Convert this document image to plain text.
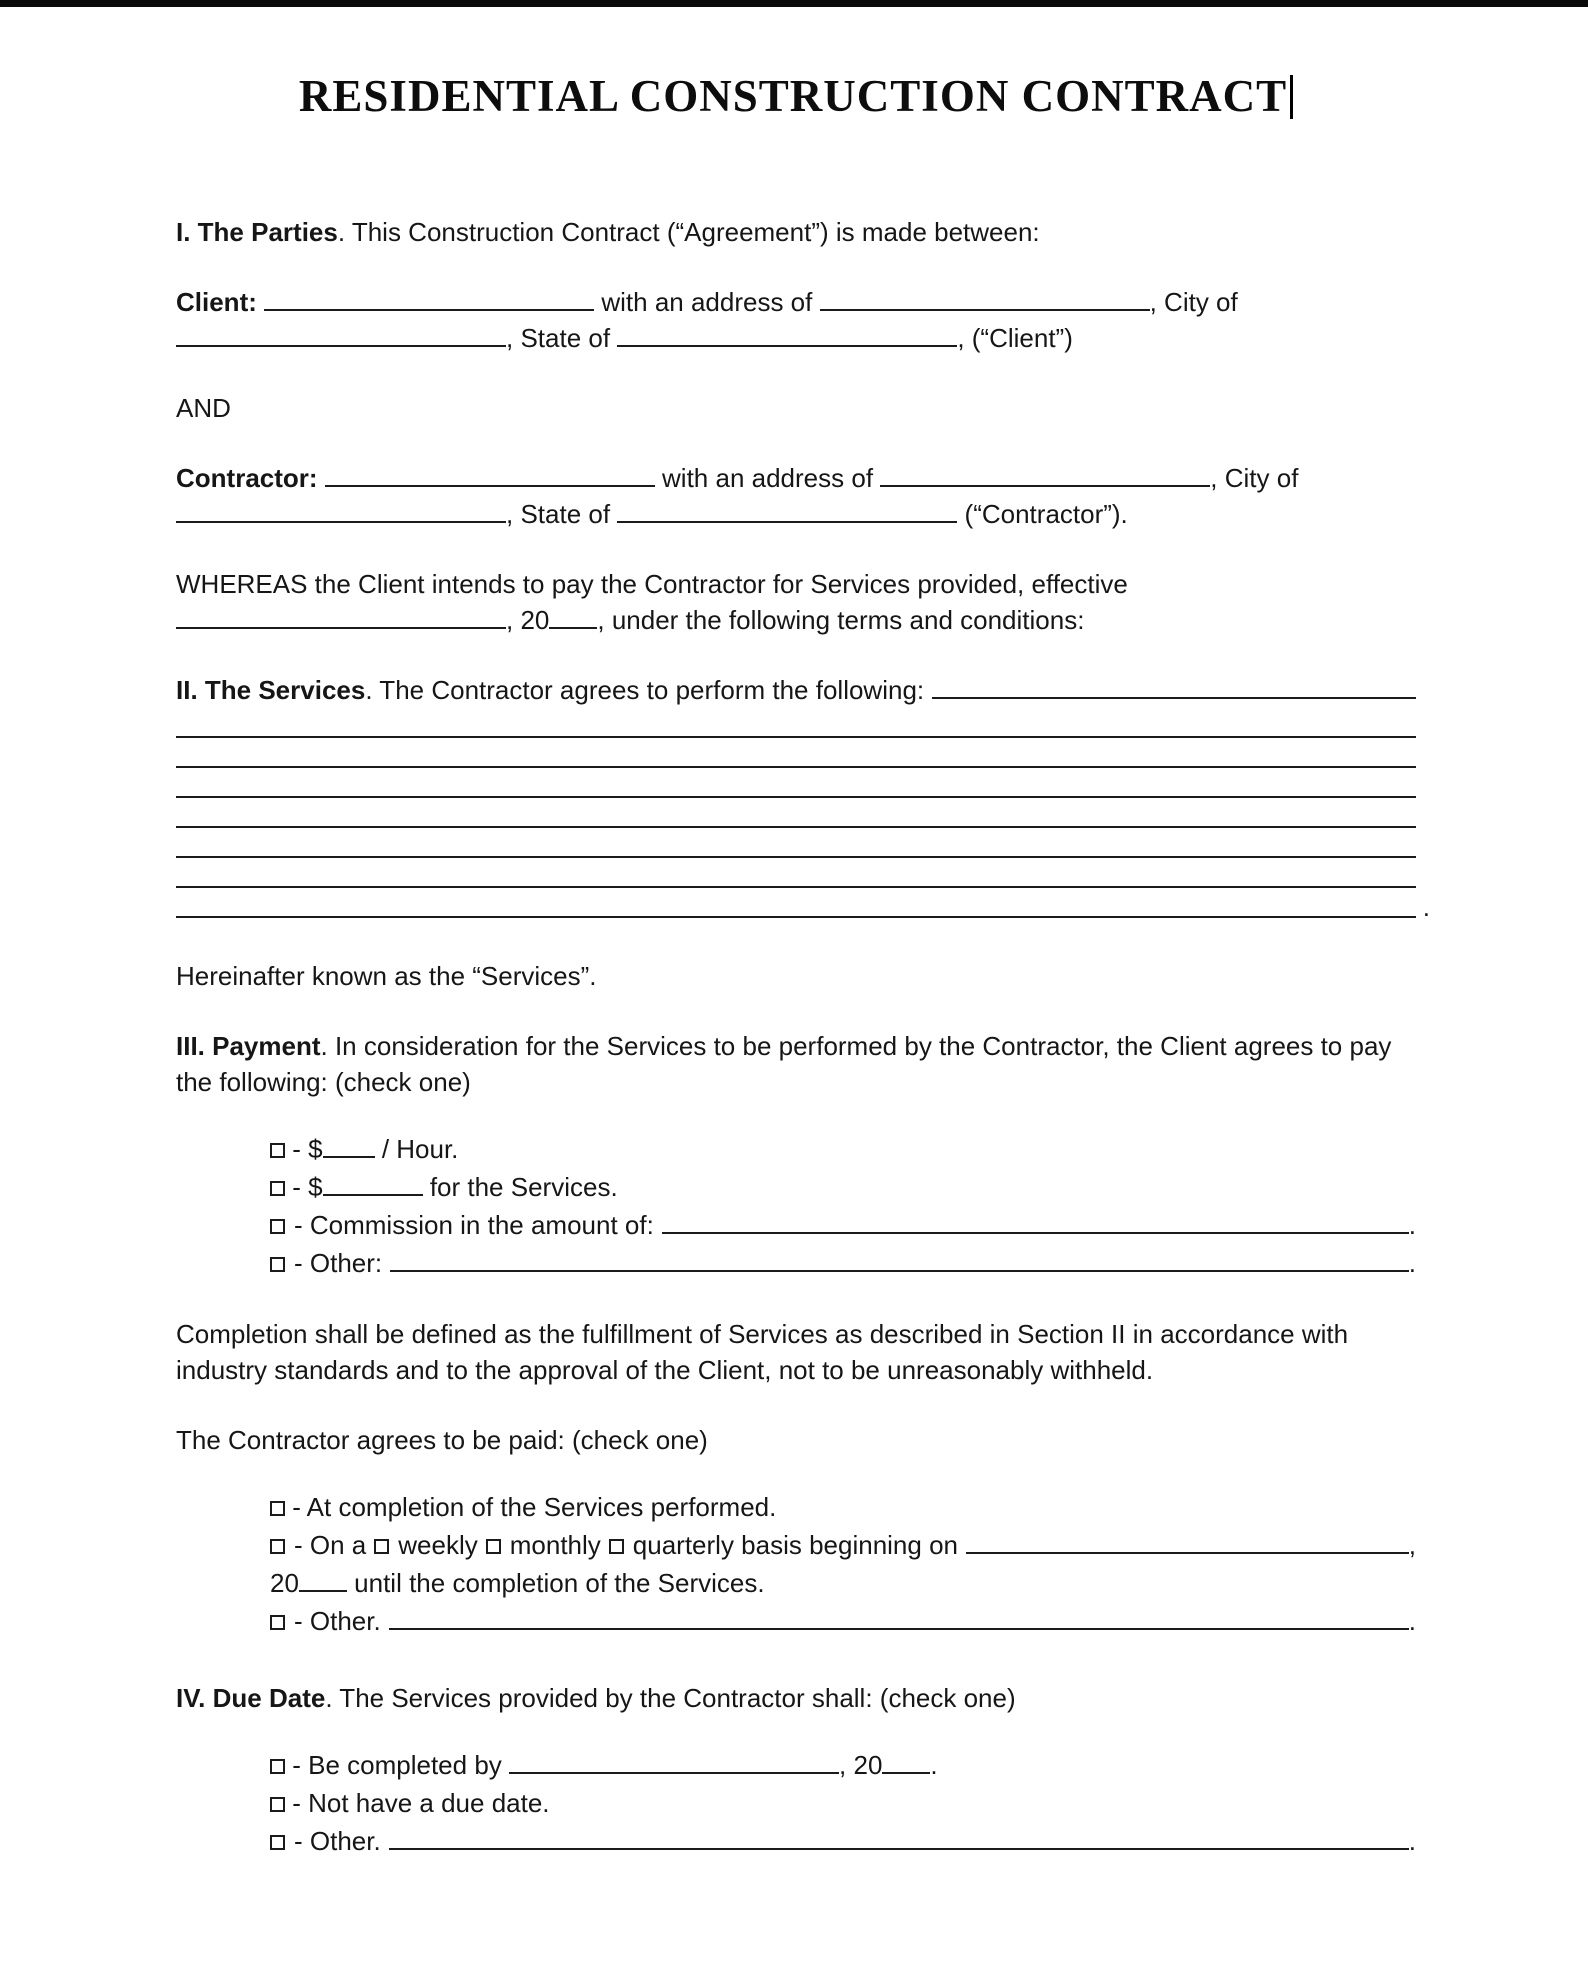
RESIDENTIAL CONSTRUCTION CONTRACT
I. The Parties. This Construction Contract (“Agreement”) is made between:
Client:	with an address of	, City of
, State of	, (“Client”)
AND
Contractor:	with an address of	, City of
, State of	(“Contractor”).
WHEREAS the Client intends to pay the Contractor for Services provided, effective
, 20 , under the following terms and conditions:
II. The Services. The Contractor agrees to perform the following:
.
Hereinafter known as the “Services”.
III. Payment. In consideration for the Services to be performed by the Contractor, the Client agrees to pay the following: (check one)
- $ / Hour.
- $	for the Services.
- Commission in the amount of:	.
- Other:	.
Completion shall be defined as the fulfillment of Services as described in Section II in accordance with industry standards and to the approval of the Client, not to be unreasonably withheld.
The Contractor agrees to be paid: (check one)
- At completion of the Services performed.
- On a weekly monthly quarterly basis beginning on	,
20 until the completion of the Services.
- Other.	.
IV. Due Date. The Services provided by the Contractor shall: (check one)
- Be completed by	, 20 .
- Not have a due date.
- Other.	.
